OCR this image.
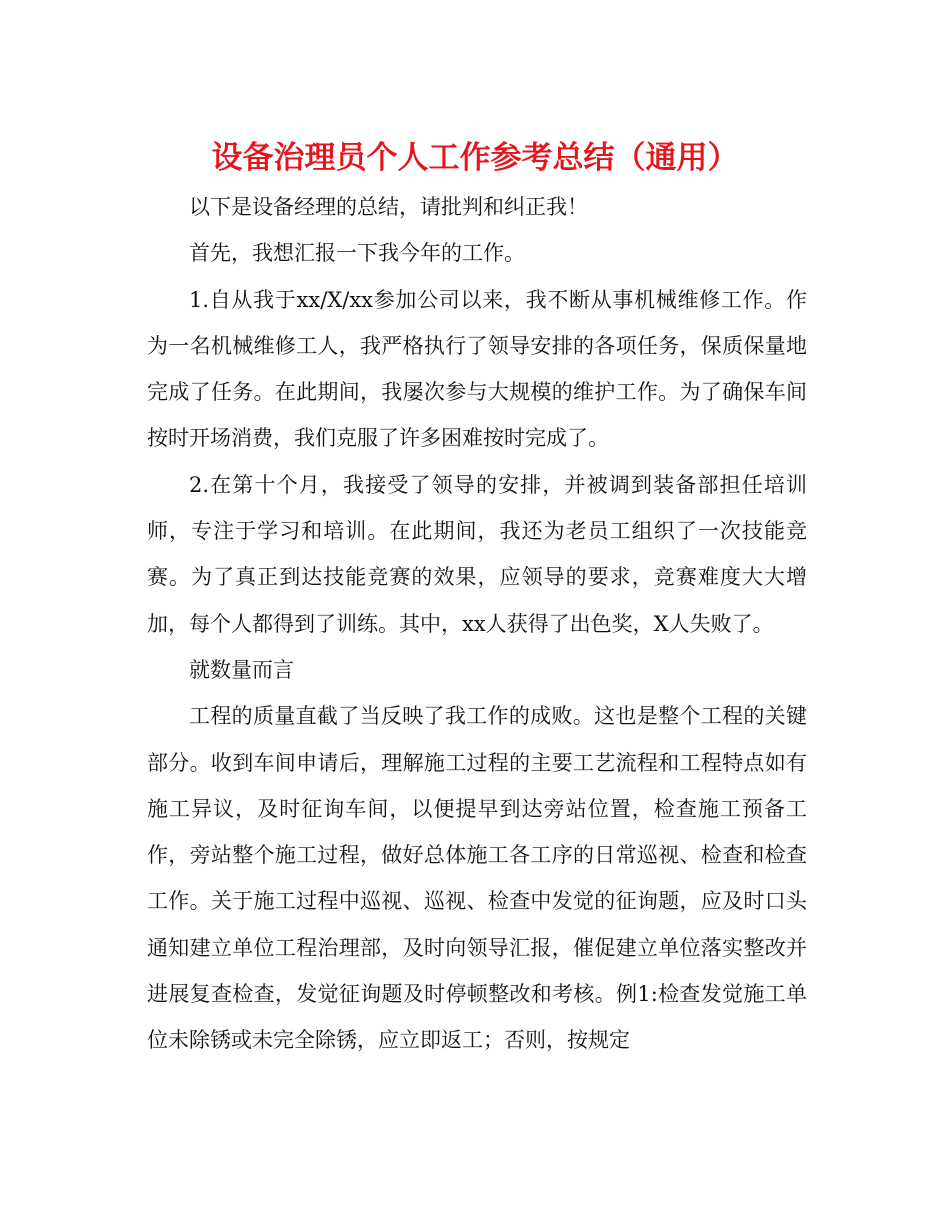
设备治理员个人工作参考总结（通用）

以下是设备经理的总结，请批判和纠正我！

首先，我想汇报一下我今年的工作。

1.自从我于xx/X/xx参加公司以来，我不断从事机械维修工作。作为一名机械维修工人，我严格执行了领导安排的各项任务，保质保量地完成了任务。在此期间，我屡次参与大规模的维护工作。为了确保车间按时开场消费，我们克服了许多困难按时完成了。

2.在第十个月，我接受了领导的安排，并被调到装备部担任培训师，专注于学习和培训。在此期间，我还为老员工组织了一次技能竞赛。为了真正到达技能竞赛的效果，应领导的要求，竞赛难度大大增加，每个人都得到了训练。其中，xx人获得了出色奖，X人失败了。

就数量而言

工程的质量直截了当反映了我工作的成败。这也是整个工程的关键部分。收到车间申请后，理解施工过程的主要工艺流程和工程特点如有施工异议，及时征询车间，以便提早到达旁站位置，检查施工预备工作，旁站整个施工过程，做好总体施工各工序的日常巡视、检查和检查工作。关于施工过程中巡视、巡视、检查中发觉的征询题，应及时口头通知建立单位工程治理部，及时向领导汇报，催促建立单位落实整改并进展复查检查，发觉征询题及时停顿整改和考核。例1:检查发觉施工单位未除锈或未完全除锈，应立即返工；否则，按规定
